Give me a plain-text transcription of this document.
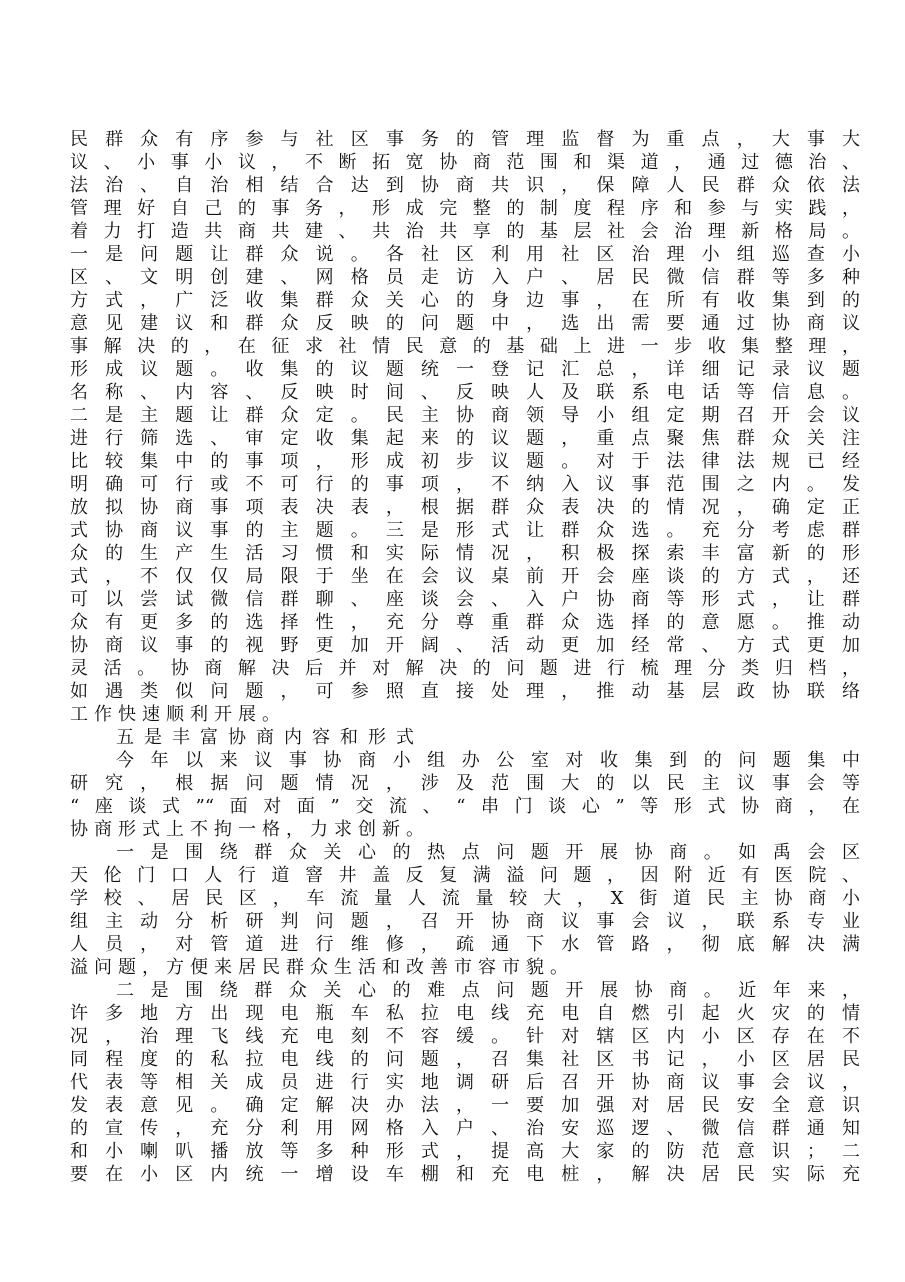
民群众有序参与社区事务的管理监督为重点，大事大
议、小事小议，不断拓宽协商范围和渠道，通过德治、
法治、自治相结合达到协商共识，保障人民群众依法
管理好自己的事务，形成完整的制度程序和参与实践，
着力打造共商共建、共治共享的基层社会治理新格局。
一是问题让群众说。各社区利用社区治理小组巡查小
区、文明创建、网格员走访入户、居民微信群等多种
方式，广泛收集群众关心的身边事，在所有收集到的
意见建议和群众反映的问题中，选出需要通过协商议
事解决的，在征求社情民意的基础上进一步收集整理，
形成议题。收集的议题统一登记汇总，详细记录议题
名称、内容、反映时间、反映人及联系电话等信息。
二是主题让群众定。民主协商领导小组定期召开会议
进行筛选、审定收集起来的议题，重点聚焦群众关注
比较集中的事项，形成初步议题。对于法律法规已经
明确可行或不可行的事项，不纳入议事范围之内。发
放拟协商事项表决表，根据群众表决的情况，确定正
式协商议事的主题。三是形式让群众选。充分考虑群
众的生产生活习惯和实际情况，积极探索丰富新的形
式，不仅仅局限于坐在会议桌前开会座谈的方式，还
可以尝试微信群聊、座谈会、入户协商等形式，让群
众有更多的选择性，充分尊重群众选择的意愿。推动
协商议事的视野更加开阔、活动更加经常、方式更加
灵活。协商解决后并对解决的问题进行梳理分类归档，
如遇类似问题，可参照直接处理，推动基层政协联络
工作快速顺利开展。
五是丰富协商内容和形式
今年以来议事协商小组办公室对收集到的问题集中
研究，根据问题情况，涉及范围大的以民主议事会等
“座谈式”“面对面”交流、“串门谈心”等形式协商，在
协商形式上不拘一格，力求创新。
一是围绕群众关心的热点问题开展协商。如禹会区
天伦门口人行道窨井盖反复满溢问题，因附近有医院、
学校、居民区，车流量人流量较大，X街道民主协商小
组主动分析研判问题，召开协商议事会议，联系专业
人员，对管道进行维修，疏通下水管路，彻底解决满
溢问题，方便来居民群众生活和改善市容市貌。
二是围绕群众关心的难点问题开展协商。近年来，
许多地方出现电瓶车私拉电线充电自燃引起火灾的情
况，治理飞线充电刻不容缓。针对辖区内小区存在不
同程度的私拉电线的问题，召集社区书记，小区居民
代表等相关成员进行实地调研后召开协商议事会议，
发表意见。确定解决办法，一要加强对居民安全意识
的宣传，充分利用网格入户、治安巡逻、微信群通知
和小喇叭播放等多种形式，提高大家的防范意识；二
要在小区内统一增设车棚和充电桩，解决居民实际充
